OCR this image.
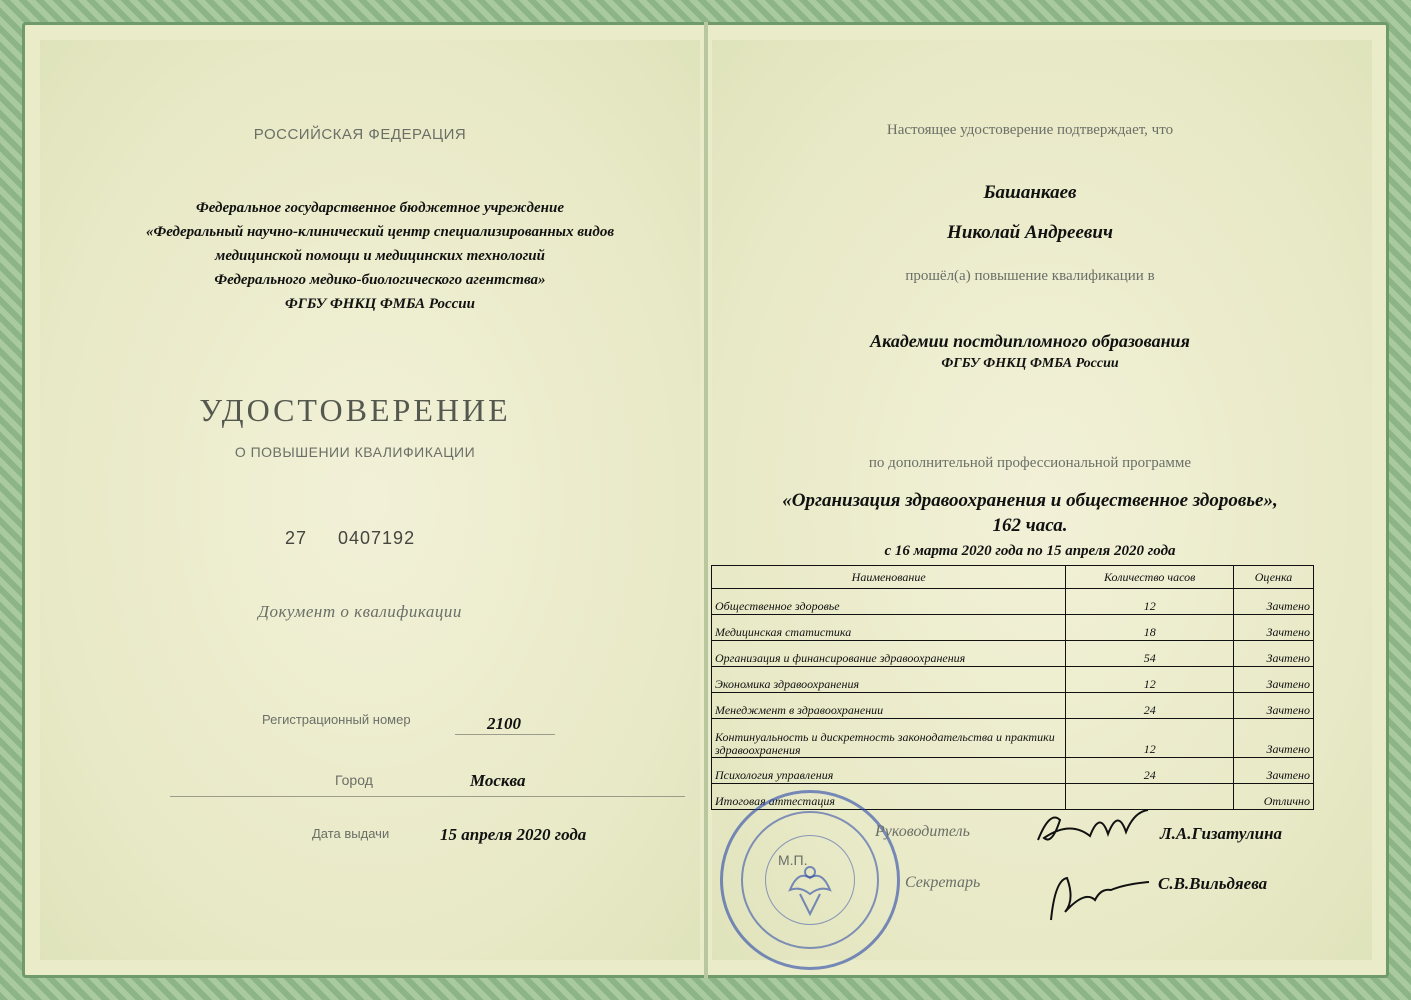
РОССИЙСКАЯ ФЕДЕРАЦИЯ
Федеральное государственное бюджетное учреждение
«Федеральный научно-клинический центр специализированных видов
медицинской помощи и медицинских технологий
Федерального медико-биологического агентства»
ФГБУ ФНКЦ ФМБА России
УДОСТОВЕРЕНИЕ
О ПОВЫШЕНИИ КВАЛИФИКАЦИИ
27 0407192
Документ о квалификации
Регистрационный номер	2100
Город	Москва
Дата выдачи	15 апреля 2020 года
Настоящее удостоверение подтверждает, что
Башанкаев
Николай Андреевич
прошёл(а) повышение квалификации в
Академии постдипломного образования
ФГБУ ФНКЦ ФМБА России
по дополнительной профессиональной программе
«Организация здравоохранения и общественное здоровье»,
162 часа.
с 16 марта 2020 года по 15 апреля 2020 года
Наименование	Количество часов	Оценка
Общественное здоровье	12	Зачтено
Медицинская статистика	18	Зачтено
Организация и финансирование здравоохранения	54	Зачтено
Экономика здравоохранения	12	Зачтено
Менеджмент в здравоохранении	24	Зачтено
Континуальность и дискретность законодательства и практики здравоохранения	12	Зачтено
Психология управления	24	Зачтено
Итоговая аттестация		Отлично
М.П.
Руководитель	Л.А.Гизатулина
Секретарь	С.В.Вильдяева
